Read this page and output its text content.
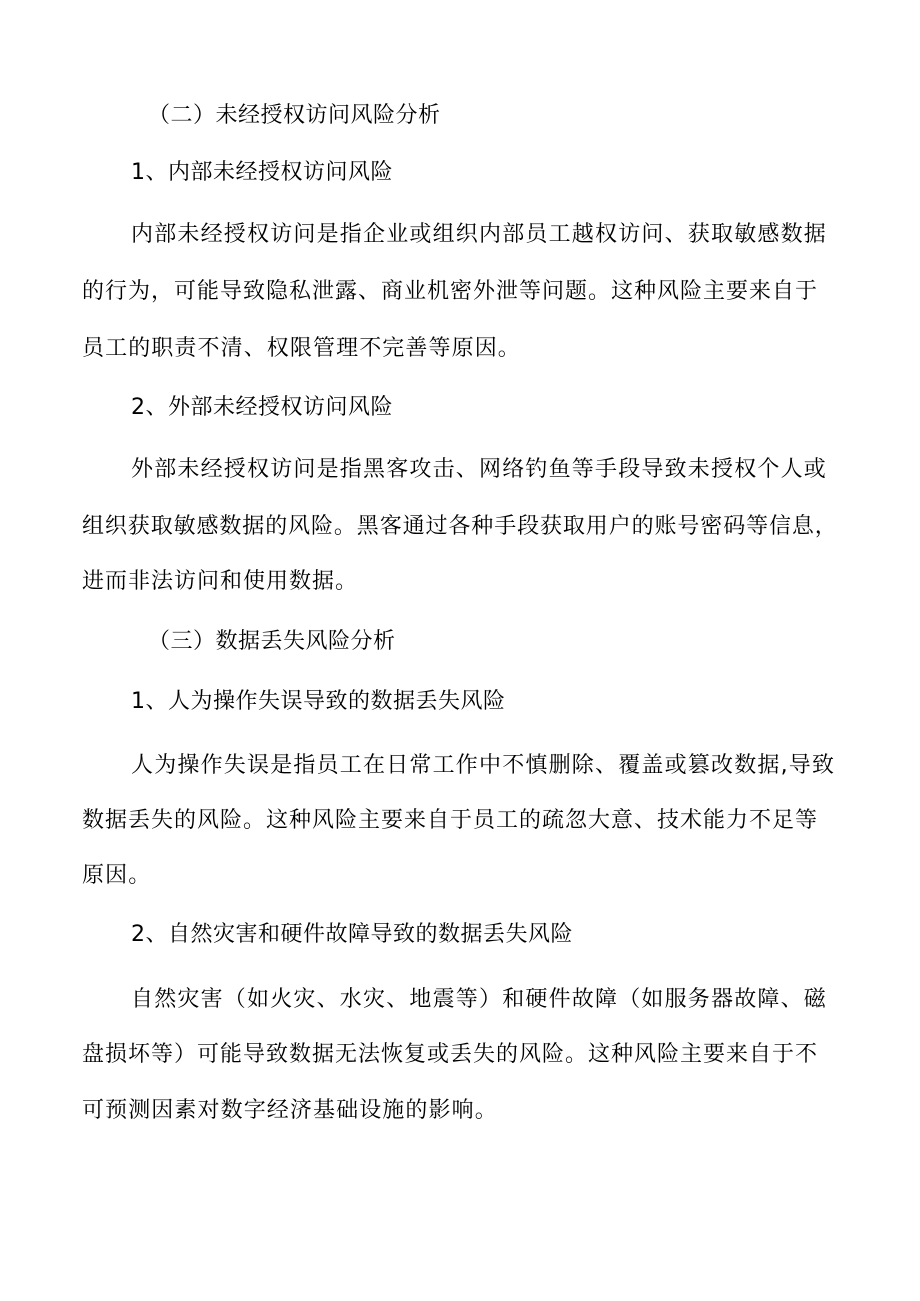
（二）未经授权访问风险分析
1、内部未经授权访问风险
内部未经授权访问是指企业或组织内部员工越权访问、获取敏感数据
的行为，可能导致隐私泄露、商业机密外泄等问题。这种风险主要来自于
员工的职责不清、权限管理不完善等原因。
2、外部未经授权访问风险
外部未经授权访问是指黑客攻击、网络钓鱼等手段导致未授权个人或
组织获取敏感数据的风险。黑客通过各种手段获取用户的账号密码等信息，
进而非法访问和使用数据。
（三）数据丢失风险分析
1、人为操作失误导致的数据丢失风险
人为操作失误是指员工在日常工作中不慎删除、覆盖或篡改数据,导致
数据丢失的风险。这种风险主要来自于员工的疏忽大意、技术能力不足等
原因。
2、自然灾害和硬件故障导致的数据丢失风险
自然灾害（如火灾、水灾、地震等）和硬件故障（如服务器故障、磁
盘损坏等）可能导致数据无法恢复或丢失的风险。这种风险主要来自于不
可预测因素对数字经济基础设施的影响。
